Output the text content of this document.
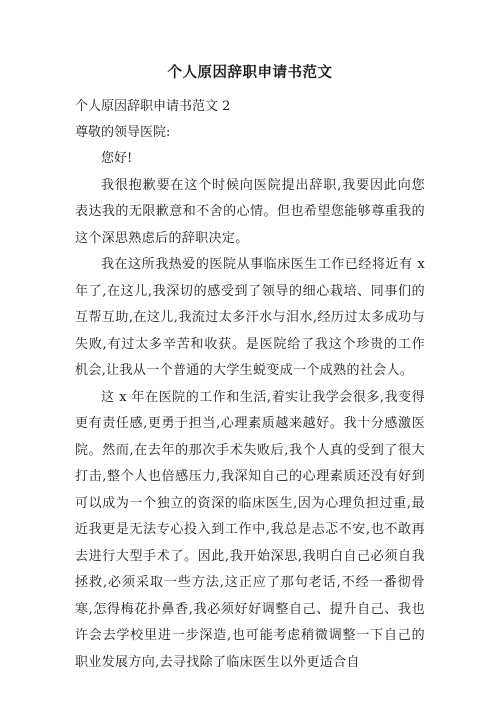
个人原因辞职申请书范文

个人原因辞职申请书范文 2

尊敬的领导医院:

您好!

我很抱歉要在这个时候向医院提出辞职,我要因此向您表达我的无限歉意和不舍的心情。但也希望您能够尊重我的这个深思熟虑后的辞职决定。

我在这所我热爱的医院从事临床医生工作已经将近有 x 年了,在这儿,我深切的感受到了领导的细心栽培、同事们的互帮互助,在这儿,我流过太多汗水与泪水,经历过太多成功与失败,有过太多辛苦和收获。是医院给了我这个珍贵的工作机会,让我从一个普通的大学生蜕变成一个成熟的社会人。

这 x 年在医院的工作和生活,着实让我学会很多,我变得更有责任感,更勇于担当,心理素质越来越好。我十分感激医院。然而,在去年的那次手术失败后,我个人真的受到了很大打击,整个人也倍感压力,我深知自己的心理素质还没有好到可以成为一个独立的资深的临床医生,因为心理负担过重,最近我更是无法专心投入到工作中,我总是忐忑不安,也不敢再去进行大型手术了。因此,我开始深思,我明白自己必须自我拯救,必须采取一些方法,这正应了那句老话,不经一番彻骨寒,怎得梅花扑鼻香,我必须好好调整自己、提升自己、我也许会去学校里进一步深造,也可能考虑稍微调整一下自己的职业发展方向,去寻找除了临床医生以外更适合自
